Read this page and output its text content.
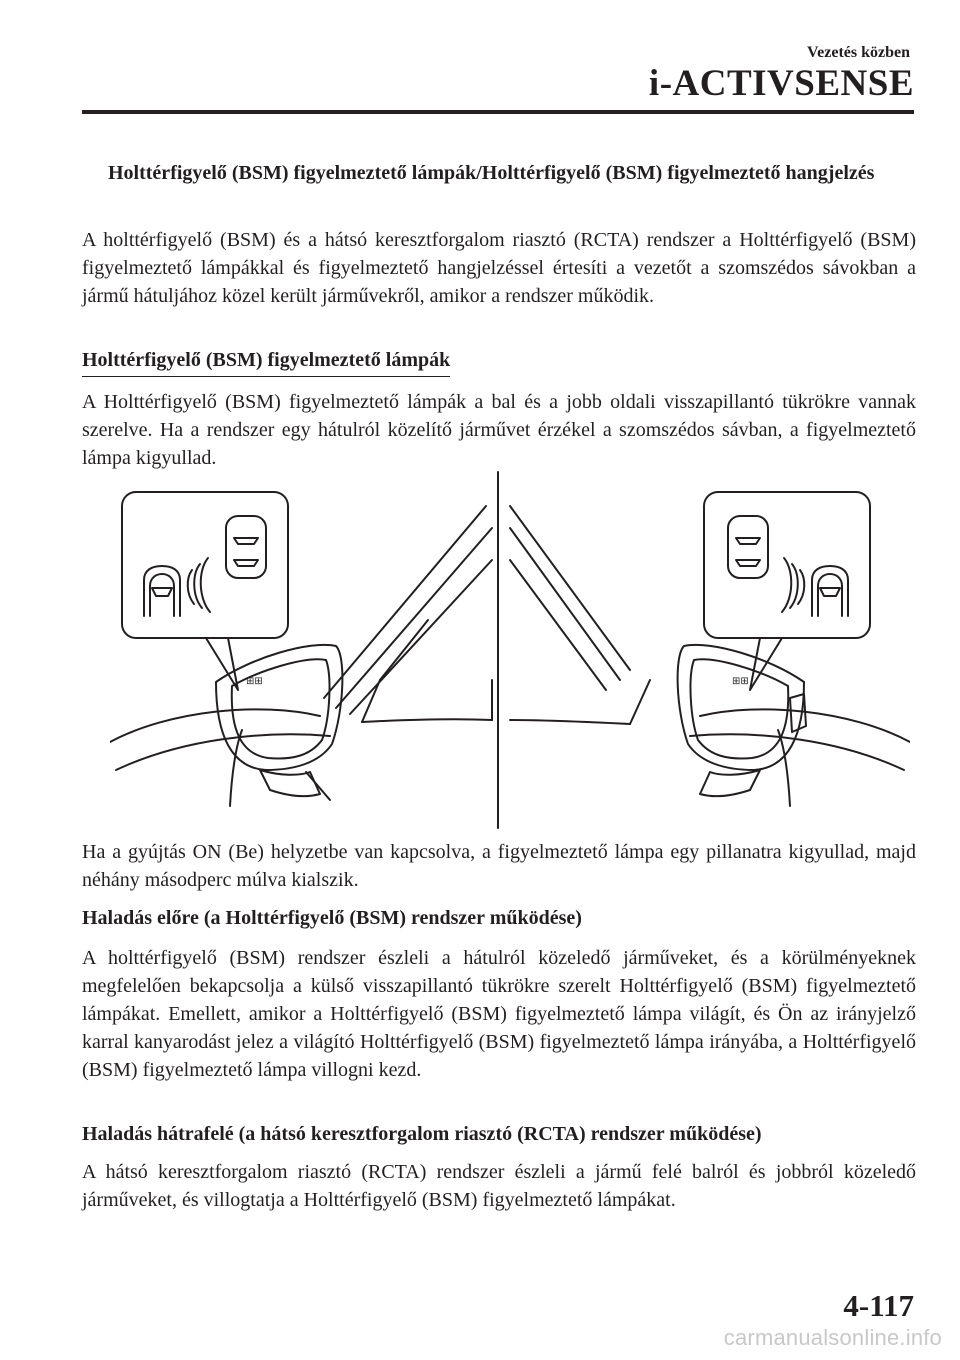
Vezetés közben
i-ACTIVSENSE

Holttérfigyelő (BSM) figyelmeztető lámpák/Holttérfigyelő (BSM) figyelmeztető hangjelzés

A holttérfigyelő (BSM) és a hátsó keresztforgalom riasztó (RCTA) rendszer a Holttérfigyelő (BSM) figyelmeztető lámpákkal és figyelmeztető hangjelzéssel értesíti a vezetőt a szomszédos sávokban a jármű hátuljához közel került járművekről, amikor a rendszer működik.

Holttérfigyelő (BSM) figyelmeztető lámpák

A Holttérfigyelő (BSM) figyelmeztető lámpák a bal és a jobb oldali visszapillantó tükrökre vannak szerelve. Ha a rendszer egy hátulról közelítő járművet érzékel a szomszédos sávban, a figyelmeztető lámpa kigyullad.

Ha a gyújtás ON (Be) helyzetbe van kapcsolva, a figyelmeztető lámpa egy pillanatra kigyullad, majd néhány másodperc múlva kialszik.

Haladás előre (a Holttérfigyelő (BSM) rendszer működése)

A holttérfigyelő (BSM) rendszer észleli a hátulról közeledő járműveket, és a körülményeknek megfelelően bekapcsolja a külső visszapillantó tükrökre szerelt Holttérfigyelő (BSM) figyelmeztető lámpákat. Emellett, amikor a Holttérfigyelő (BSM) figyelmeztető lámpa világít, és Ön az irányjelző karral kanyarodást jelez a világító Holttérfigyelő (BSM) figyelmeztető lámpa irányába, a Holttérfigyelő (BSM) figyelmeztető lámpa villogni kezd.

Haladás hátrafelé (a hátsó keresztforgalom riasztó (RCTA) rendszer működése)

A hátsó keresztforgalom riasztó (RCTA) rendszer észleli a jármű felé balról és jobbról közeledő járműveket, és villogtatja a Holttérfigyelő (BSM) figyelmeztető lámpákat.

⊞⊞	⊞⊞
4-117
carmanualsonline.info
